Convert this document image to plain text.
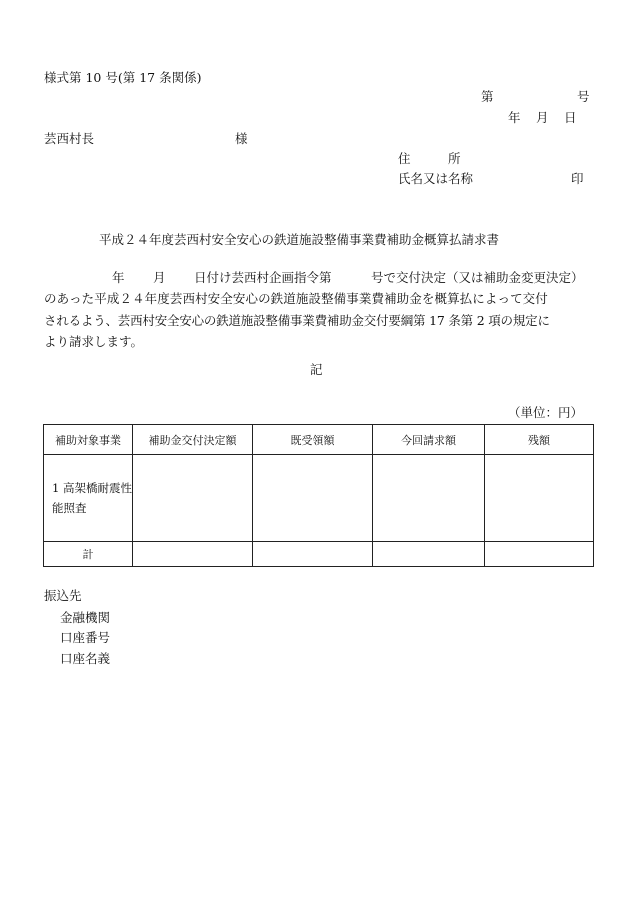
様式第 10 号(第 17 条関係)
第	号
年 月 日
芸西村長	様
住　　　所
氏名又は名称	印
平成２４年度芸西村安全安心の鉄道施設整備事業費補助金概算払請求書
年 月 日付け芸西村企画指令第	号で交付決定（又は補助金変更決定）
のあった平成２４年度芸西村安全安心の鉄道施設整備事業費補助金を概算払によって交付
されるよう、芸西村安全安心の鉄道施設整備事業費補助金交付要綱第 17 条第 2 項の規定に
より請求します。
記
（単位：円）
補助対象事業	補助金交付決定額	既受領額	今回請求額	残額
1 高架橋耐震性能照査				
計				
振込先
金融機関
口座番号
口座名義
